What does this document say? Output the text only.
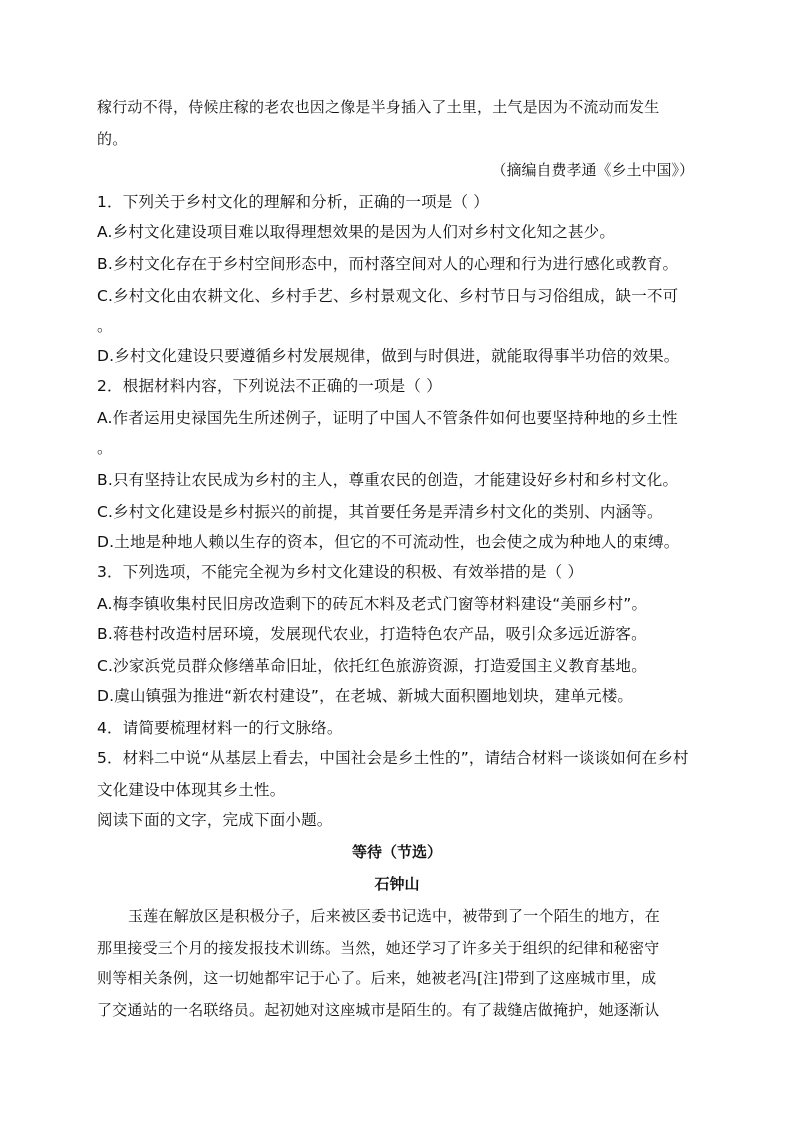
稼行动不得，侍候庄稼的老农也因之像是半身插入了土里，土气是因为不流动而发生
的。
（摘编自费孝通《乡土中国》）
1．下列关于乡村文化的理解和分析，正确的一项是（ ）
A.乡村文化建设项目难以取得理想效果的是因为人们对乡村文化知之甚少。
B.乡村文化存在于乡村空间形态中，而村落空间对人的心理和行为进行感化或教育。
C.乡村文化由农耕文化、乡村手艺、乡村景观文化、乡村节日与习俗组成，缺一不可
。
D.乡村文化建设只要遵循乡村发展规律，做到与时俱进，就能取得事半功倍的效果。
2．根据材料内容，下列说法不正确的一项是（ ）
A.作者运用史禄国先生所述例子，证明了中国人不管条件如何也要坚持种地的乡土性
。
B.只有坚持让农民成为乡村的主人，尊重农民的创造，才能建设好乡村和乡村文化。
C.乡村文化建设是乡村振兴的前提，其首要任务是弄清乡村文化的类别、内涵等。
D.土地是种地人赖以生存的资本，但它的不可流动性，也会使之成为种地人的束缚。
3．下列选项，不能完全视为乡村文化建设的积极、有效举措的是（ ）
A.梅李镇收集村民旧房改造剩下的砖瓦木料及老式门窗等材料建设“美丽乡村”。
B.蒋巷村改造村居环境，发展现代农业，打造特色农产品，吸引众多远近游客。
C.沙家浜党员群众修缮革命旧址，依托红色旅游资源，打造爱国主义教育基地。
D.虞山镇强为推进“新农村建设”，在老城、新城大面积圈地划块，建单元楼。
4．请简要梳理材料一的行文脉络。
5．材料二中说“从基层上看去，中国社会是乡土性的”，请结合材料一谈谈如何在乡村
文化建设中体现其乡土性。
阅读下面的文字，完成下面小题。
等待（节选）
石钟山
玉莲在解放区是积极分子，后来被区委书记选中，被带到了一个陌生的地方，在
那里接受三个月的接发报技术训练。当然，她还学习了许多关于组织的纪律和秘密守
则等相关条例，这一切她都牢记于心了。后来，她被老冯[注]带到了这座城市里，成
了交通站的一名联络员。起初她对这座城市是陌生的。有了裁缝店做掩护，她逐渐认
